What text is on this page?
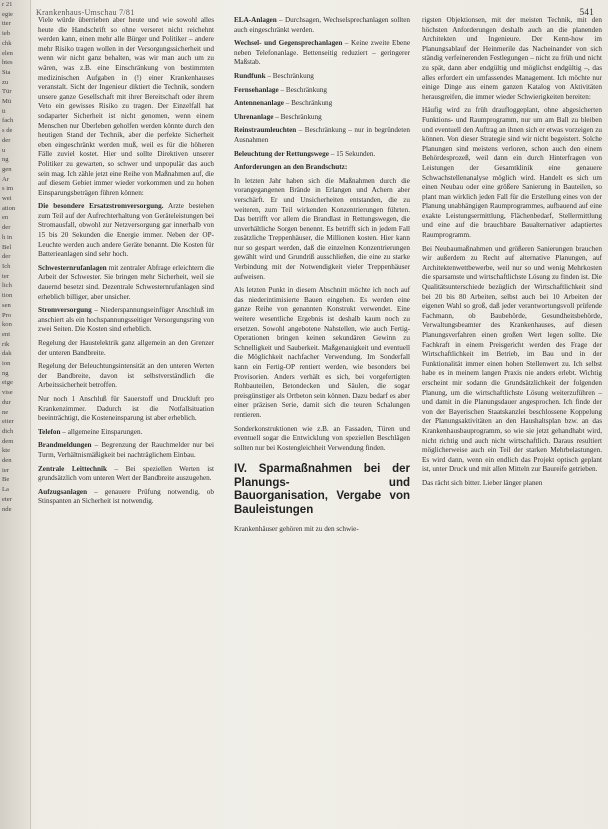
r 21
egie
tter
ieb
chk
elen
htes
Sta
zu
Tür
Mü
ti
fach
s de
der
u
ng
gen
Ar
s im
wei
ation
en
der
h in
Bel
der
Ich
ter
lich
tion
sen
Pro
kon
ent
rik
dak
ion
ng
eige
vise
dur
ne
eiter
dich
dem
kte
den
ier
Be
La
eter
nde
Krankenhaus-Umschau 7/81	541

Viele würde überrieben aber heute und wie sowohl alles heute die Handschrift so ohne verseret nicht reichehnt werden kann, einen mehr alle Bürger und Politiker – andere mehr Risiko tragen wollen in der Versorgungssicherheit und wenn wir nicht ganz behalten, was wir man auch um zu wären, was z.B. eine Einschränkung von bestimmten medizinischen Aufgaben in (!) einer Krankenhauses veranstalt. Sicht der Ingenieur diktiert die Technik, sondern unsere ganze Gesellschaft mit ihrer Bereitschaft oder ihrem Veto ein gewisses Risiko zu tragen. Der Einzelfall hat sodaparter Sicherheit ist nicht genomen, wenn einem Menschen nur Überleben geholfen werden könnte durch den heutigen Stand der Technik, aber die perfekte Sicherheit eben eingeschränkt werden muß, weil es für die höheren Fälle zuviel kostet. Hier und sollte Direktiven unserer Politiker zu gewarten, so schwer und unpopulär das auch sein mag. Ich zähle jetzt eine Reihe von Maßnahmen auf, die auf diesem Gebiet immer wieder vorkommen und zu hohen Einsparungsbeträgen führen können:

Die besondere Ersatzstromversorgung. Arzte bestehen zum Teil auf der Aufrechterhaltung von Geräteleistungen bei Stromausfall, obwohl zur Netzversorgung gar innerhalb von 15 bis 20 Sekunden die Energie immer. Neben der OP-Leuchte werden auch andere Geräte benannt. Die Kosten für Batterieanlagen sind sehr hoch.

Schwesternrufanlagen mit zentraler Abfrage erleichtern die Arbeit der Schwester. Sie bringen mehr Sicherheit, weil sie dauernd besetzt sind. Dezentrale Schwesternrufanlagen sind erheblich billiger, aber unsicher.

Stromversorgung – Niederspannungseinfüger Anschluß im anschiert als ein hochspannungsseitiger Versorgungsring von zwei Seiten. Die Kosten sind erheblich.

Regelung der Haustelektrik ganz allgemein an den Grenzer der unteren Bandbreite.

Regelung der Beleuchtungsintensität an den unteren Werten der Bandbreite, davon ist selbstverständlich die Arbeitssicherheit betroffen.

Nur noch 1 Anschluß für Sauerstoff und Druckluft pro Krankenzimmer. Dadurch ist die Notfallsituation beeinträchtigt, die Kosteneinsparung ist aber erheblich.

Telefon – allgemeine Einsparungen.

Brandmeldungen – Begrenzung der Rauchmelder nur bei Turm, Verhältnismäßigkeit bei nachträglichem Einbau.

Zentrale Leittechnik – Bei speziellen Werten ist grundsätzlich vom unteren Wert der Bandbreite auszugehen.

Aufzugsanlagen – genauere Prüfung notwendig, ob Stinspanten an Sicherheit ist notwendig.

ELA-Anlagen – Durchsagen, Wechselsprechanlagen sollten auch eingeschränkt werden.

Wechsel- und Gegensprechanlagen – Keine zweite Ebene neben Telefonanlage. Bettenseitig reduziert – geringerer Maßstab.

Rundfunk – Beschränkung

Fernsehanlage – Beschränkung

Antennenanlage – Beschränkung

Uhrenanlage – Beschränkung

Reinstraumleuchten – Beschränkung – nur in begründeten Ausnahmen

Beleuchtung der Rettungswege – 15 Sekunden.

Anforderungen an den Brandschutz:

In letzten Jahr haben sich die Maßnahmen durch die vorangegangenen Brände in Erlangen und Achern aber verschärft. Er und Unsicherheiten entstanden, die zu weiteren, zum Teil wirkenden Konzentrierungen führten. Das betrifft vor allem die Brandlast in Rettungswegen, die unverhältliche Sorgen benennt. Es betrifft sich in jedem Fall zusätzliche Treppenhäuser, die Millionen kosten. Hier kann nur so gespart werden, daß die einzelnen Konzentrierungen gewählt wird und Grundriß ausschließen, die eine zu starke Verbindung mit der Notwendigkeit vieler Treppenhäuser aufweisen.

Als letzten Punkt in diesem Abschnitt möchte ich noch auf das niederintimisierte Bauen eingehen. Es werden eine ganze Reihe von genannten Konstrukt verwendet. Eine weitere wesentliche Ergebnis ist deshalb kaum noch zu ersetzen. Sowohl angebotene Nahstellen, wie auch Fertig-Operationen bringen keinen sekundären Gewinn zu Schnelligkeit und Sauberkeit. Maßgenauigkeit und eventuell die Möglichkeit nachfacher Verwendung. Im Sonderfall kann ein Fertig-OP rentiert werden, wie besonders bei Provisorien. Anders verhält es sich, bei vorgefertigten Rohbauteilen, Betondecken und Säulen, die sogar preisgünstiger als Ortbeton sein können. Dazu bedarf es aber einer präzisen Serie, damit sich die teuren Schalungen rentieren.

Sonderkonstruktionen wie z.B. an Fassaden, Türen und eventuell sogar die Entwicklung von speziellen Beschlägen sollten nur bei Kostengleichheit Verwendung finden.

IV. Sparmaßnahmen bei der Planungs- und Bauorganisation, Vergabe von Bauleistungen

Krankenhäuser gehören mit zu den schwie-

rigsten Objektionsen, mit der meisten Technik, mit den höchsten Anforderungen deshalb auch an die planenden Architekten und Ingenieure. Der Kenn-how im Planungsablauf der Heinmerile das Nacheinander von sich ständig verfeinerenden Festlegungen – nicht zu früh und nicht zu spät, dann aber endgültig und möglichst endgültig –, das alles erfordert ein umfassendes Management. Ich möchte nur einige Dinge aus einem ganzen Katalog von Aktivitäten herausgreifen, die immer wieder Schwierigkeiten bereiten:

Häufig wird zu früh draufloggeplant, ohne abgesicherten Funktions- und Raumprogramm, nur um am Ball zu bleiben und eventuell den Auftrag an ihnen sich er etwas vorzeigen zu können. Von dieser Strategie sind wir nicht begeistert. Solche Planungen sind meistens verloren, schon auch den einem Behördesprozeß, weil dann ein durch Hinterfragen von Leistungen der Gesamtklinik eine genauere Schwachstellenanalyse möglich wird. Handelt es sich um einen Neubau oder eine größere Sanierung in Bauteilen, so plant man wirklich jeden Fall für die Erstellung eines von der Planung unabhängigen Raumprogrammes, aufbauend auf eine exakte Leistungsermittlung, Flächenbedarf, Stellermittlung und eine auf die brauchbare Baualternativer adaptiertes Raumprogramm.

Bei Neubaumaßnahmen und größeren Sanierungen brauchen wir außerdem zu Recht auf alternative Planungen, auf Architektenwettbewerbe, weil nur so und wenig Mehrkosten die sparsamste und wirtschaftlichste Lösung zu finden ist. Die Qualitätsunterschiede bezüglich der Wirtschaftlichkeit sind bei 20 bis 80 Arbeiten, selbst auch bei 10 Arbeiten der eigenen Wahl so groß, daß jeder verantwortungsvoll prüfende Fachmann, ob Baubehörde, Gesundheitsbehörde, Verwaltungsbeamter des Krankenhauses, auf diesen Planungsverfahren einen großen Wert legen sollte. Die Fachkraft in einem Preisgericht werden des Frage der Wirtschaftlichkeit im Betrieb, im Bau und in der Funktionalität immer einen hohen Stellenwert zu. Ich selbst habe es in meinem langen Praxis nie anders erlebt. Wichtig erscheint mir sodann die Grundsätzlichkeit der folgenden Planung, um die wirtschaftlichste Lösung weiterzuführen – und damit in die Planungsdauer angesprochen. Ich finde der von der Bayerischen Staatskanzlei beschlossene Koppelung der Planungsaktivitäten an den Haushaltsplan bzw. an das Krankenhausbauprogramm, so wie sie jetzt gehandhabt wird, nicht richtig und auch nicht wirtschaftlich. Daraus resultiert möglicherweise auch ein Teil der starken Mehrbelastungen. Es wird dann, wenn ein endlich das Projekt optisch geplant ist, unter Druck und mit allen Mitteln zur Baureife getrieben.

Das rächt sich bitter. Lieber länger planen
